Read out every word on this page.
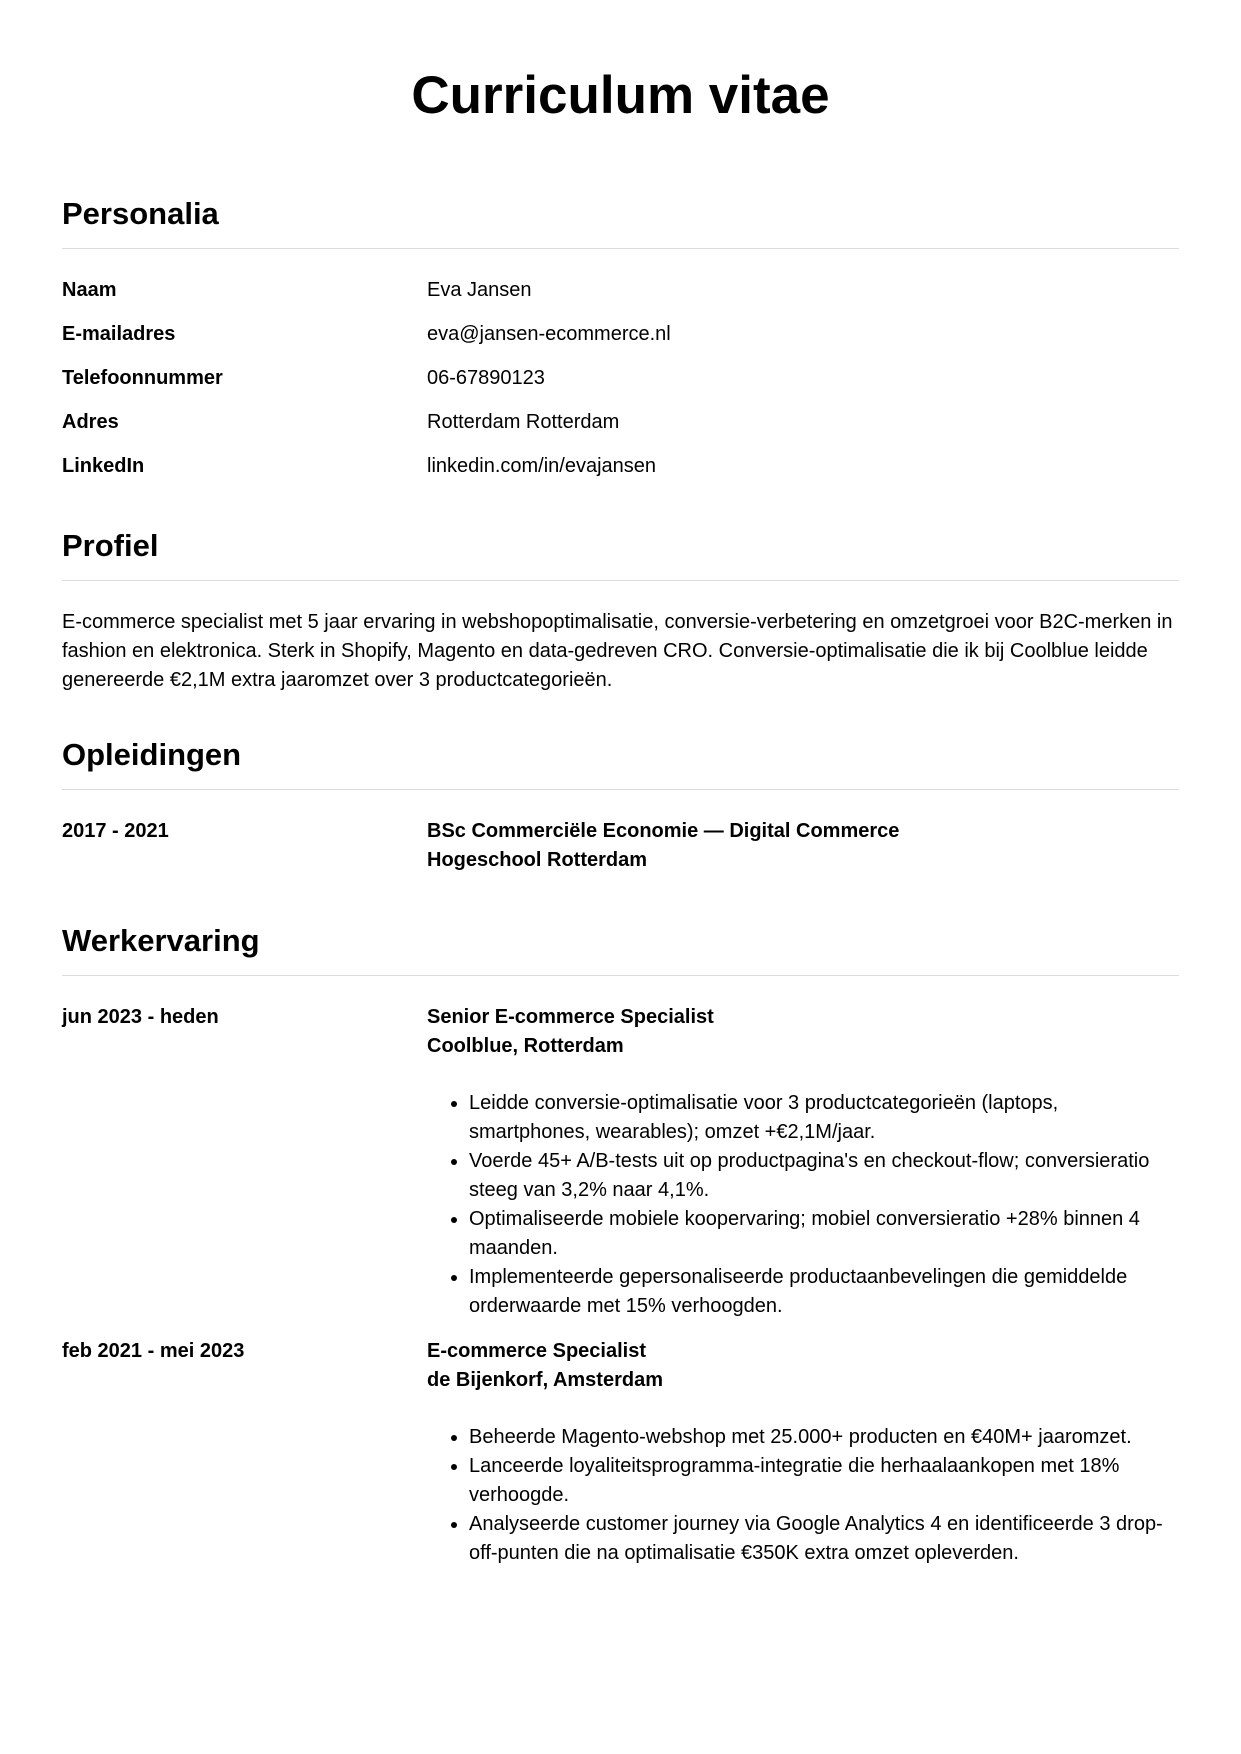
Curriculum vitae
Personalia
Naam	Eva Jansen
E-mailadres	eva@jansen-ecommerce.nl
Telefoonnummer	06-67890123
Adres	Rotterdam Rotterdam
LinkedIn	linkedin.com/in/evajansen
Profiel

E-commerce specialist met 5 jaar ervaring in webshopoptimalisatie, conversie-verbetering en omzetgroei voor B2C-merken in fashion en elektronica. Sterk in Shopify, Magento en data-gedreven CRO. Conversie-optimalisatie die ik bij Coolblue leidde genereerde €2,1M extra jaaromzet over 3 productcategorieën.

Opleidingen
2017 - 2021	BSc Commerciële Economie — Digital Commerce
Hogeschool Rotterdam
Werkervaring
jun 2023 - heden	Senior E-commerce Specialist
Coolblue, Rotterdam
• Leidde conversie-optimalisatie voor 3 productcategorieën (laptops, smartphones, wearables); omzet +€2,1M/jaar.
• Voerde 45+ A/B-tests uit op productpagina's en checkout-flow; conversieratio steeg van 3,2% naar 4,1%.
• Optimaliseerde mobiele koopervaring; mobiel conversieratio +28% binnen 4 maanden.
• Implementeerde gepersonaliseerde productaanbevelingen die gemiddelde orderwaarde met 15% verhoogden.
feb 2021 - mei 2023	E-commerce Specialist
de Bijenkorf, Amsterdam
• Beheerde Magento-webshop met 25.000+ producten en €40M+ jaaromzet.
• Lanceerde loyaliteitsprogramma-integratie die herhaalaankopen met 18% verhoogde.
• Analyseerde customer journey via Google Analytics 4 en identificeerde 3 drop-off-punten die na optimalisatie €350K extra omzet opleverden.
